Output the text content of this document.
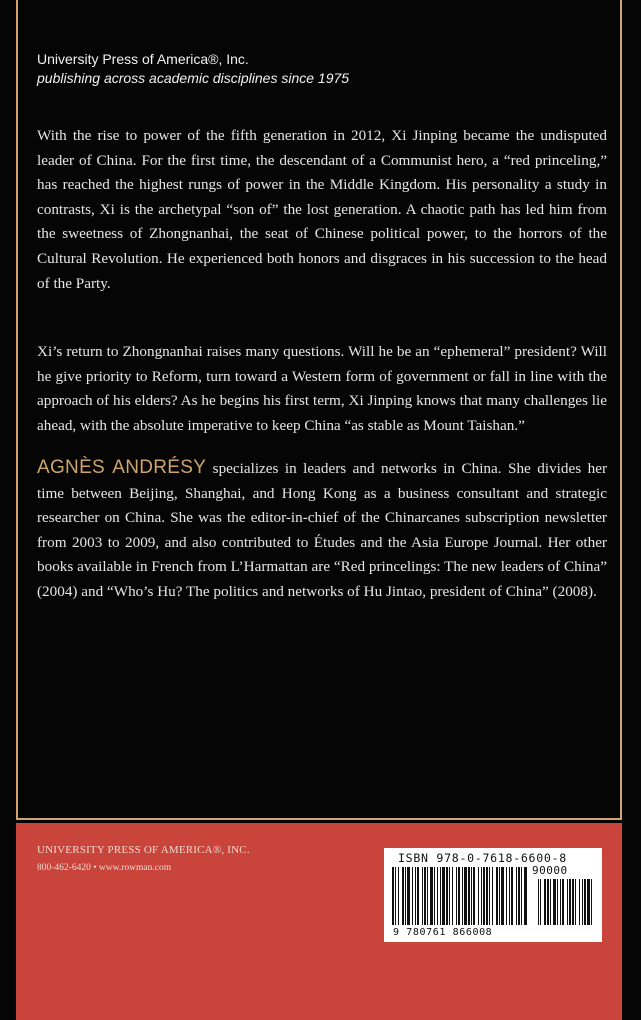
University Press of America®, Inc.
publishing across academic disciplines since 1975

With the rise to power of the fifth generation in 2012, Xi Jinping became the undisputed leader of China. For the first time, the descendant of a Communist hero, a “red princeling,” has reached the highest rungs of power in the Middle Kingdom. His personality a study in contrasts, Xi is the archetypal “son of” the lost generation. A chaotic path has led him from the sweetness of Zhongnanhai, the seat of Chinese political power, to the horrors of the Cultural Revolution. He experienced both honors and disgraces in his succession to the head of the Party.

Xi’s return to Zhongnanhai raises many questions. Will he be an “ephemeral” president? Will he give priority to Reform, turn toward a Western form of government or fall in line with the approach of his elders? As he begins his first term, Xi Jinping knows that many challenges lie ahead, with the absolute imperative to keep China “as stable as Mount Taishan.”

AGNÈS ANDRÉSY specializes in leaders and networks in China. She divides her time between Beijing, Shanghai, and Hong Kong as a business consultant and strategic researcher on China. She was the editor-in-chief of the Chinarcanes subscription newsletter from 2003 to 2009, and also contributed to Études and the Asia Europe Journal. Her other books available in French from L’Harmattan are “Red princelings: The new leaders of China” (2004) and “Who’s Hu? The politics and networks of Hu Jintao, president of China” (2008).

UNIVERSITY PRESS OF AMERICA®, INC.
800-462-6420 • www.rowman.com
ISBN 978-0-7618-6600-8
90000
9 780761 866008
